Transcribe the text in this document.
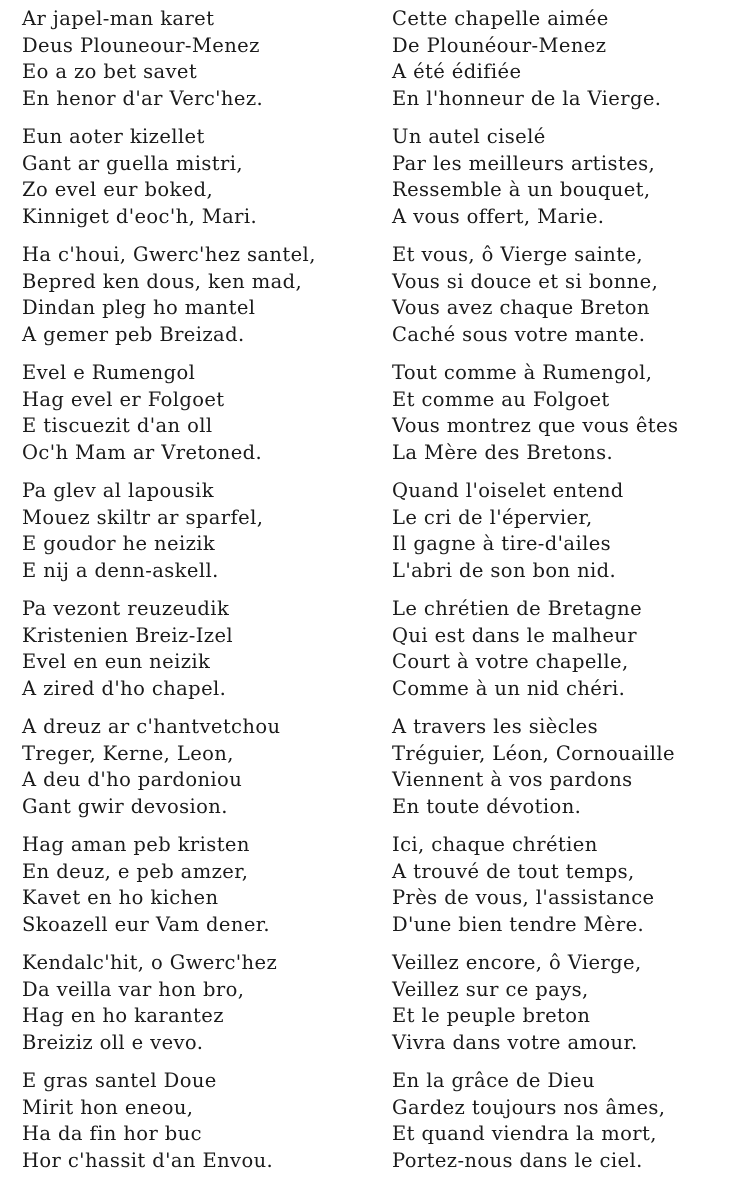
Ar japel-man karet
Deus Plouneour-Menez
Eo a zo bet savet
En henor d'ar Verc'hez.
Eun aoter kizellet
Gant ar guella mistri,
Zo evel eur boked,
Kinniget d'eoc'h, Mari.
Ha c'houi, Gwerc'hez santel,
Bepred ken dous, ken mad,
Dindan pleg ho mantel
A gemer peb Breizad.
Evel e Rumengol
Hag evel er Folgoet
E tiscuezit d'an oll
Oc'h Mam ar Vretoned.
Pa glev al lapousik
Mouez skiltr ar sparfel,
E goudor he neizik
E nij a denn-askell.
Pa vezont reuzeudik
Kristenien Breiz-Izel
Evel en eun neizik
A zired d'ho chapel.
A dreuz ar c'hantvetchou
Treger, Kerne, Leon,
A deu d'ho pardoniou
Gant gwir devosion.
Hag aman peb kristen
En deuz, e peb amzer,
Kavet en ho kichen
Skoazell eur Vam dener.
Kendalc'hit, o Gwerc'hez
Da veilla var hon bro,
Hag en ho karantez
Breiziz oll e vevo.
E gras santel Doue
Mirit hon eneou,
Ha da fin hor buc
Hor c'hassit d'an Envou.
Cette chapelle aimée
De Plounéour-Menez
A été édifiée
En l'honneur de la Vierge.
Un autel ciselé
Par les meilleurs artistes,
Ressemble à un bouquet,
A vous offert, Marie.
Et vous, ô Vierge sainte,
Vous si douce et si bonne,
Vous avez chaque Breton
Caché sous votre mante.
Tout comme à Rumengol,
Et comme au Folgoet
Vous montrez que vous êtes
La Mère des Bretons.
Quand l'oiselet entend
Le cri de l'épervier,
Il gagne à tire-d'ailes
L'abri de son bon nid.
Le chrétien de Bretagne
Qui est dans le malheur
Court à votre chapelle,
Comme à un nid chéri.
A travers les siècles
Tréguier, Léon, Cornouaille
Viennent à vos pardons
En toute dévotion.
Ici, chaque chrétien
A trouvé de tout temps,
Près de vous, l'assistance
D'une bien tendre Mère.
Veillez encore, ô Vierge,
Veillez sur ce pays,
Et le peuple breton
Vivra dans votre amour.
En la grâce de Dieu
Gardez toujours nos âmes,
Et quand viendra la mort,
Portez-nous dans le ciel.
